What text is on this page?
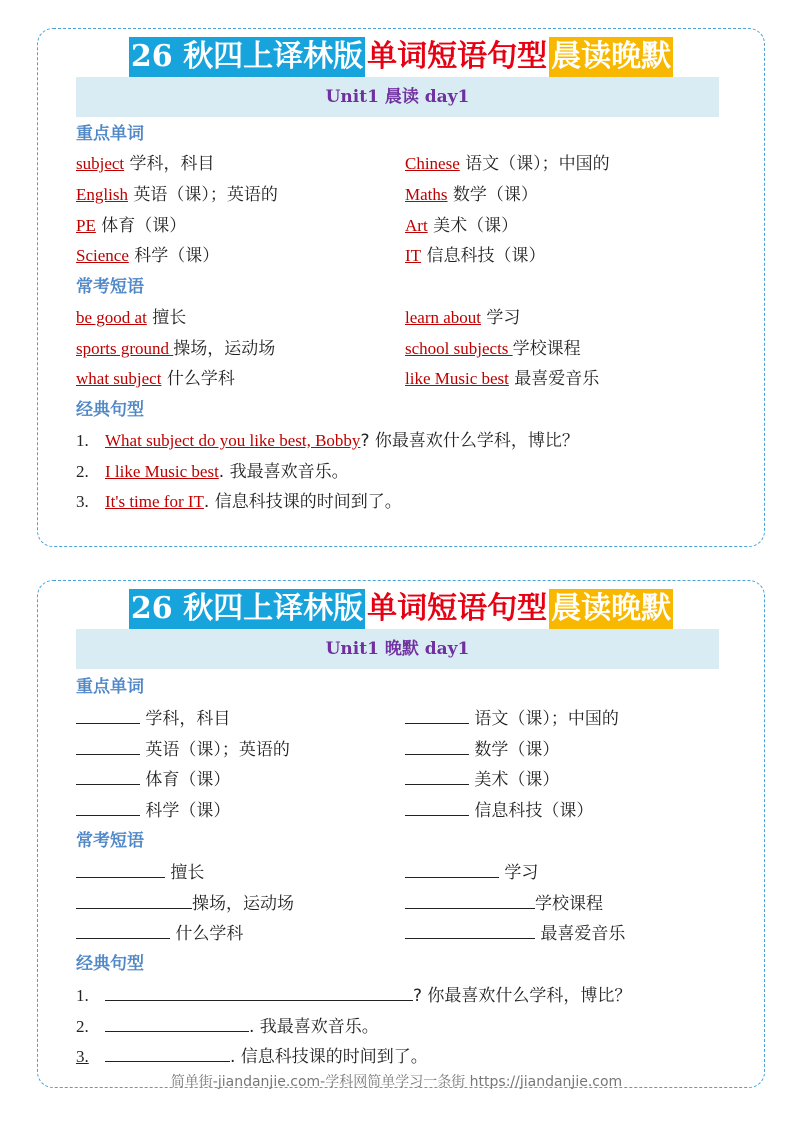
26 秋四上译林版 单词短语句型 晨读晚默
Unit1 晨读 day1
重点单词
subject 学科，科目	Chinese 语文（课）；中国的
English 英语（课）；英语的	Maths 数学（课）
PE 体育（课）	Art 美术（课）
Science 科学（课）	IT 信息科技（课）
常考短语
be good at 擅长	learn about 学习
sports ground 操场，运动场	school subjects 学校课程
what subject 什么学科	like Music best 最喜爱音乐
经典句型
1. What subject do you like best, Bobby? 你最喜欢什么学科，博比？
2. I like Music best. 我最喜欢音乐。
3. It's time for IT. 信息科技课的时间到了。
26 秋四上译林版 单词短语句型 晨读晚默
Unit1 晚默 day1
重点单词
学科，科目	语文（课）；中国的
英语（课）；英语的	数学（课）
体育（课）	美术（课）
科学（课）	信息科技（课）
常考短语
擅长	学习
操场，运动场	学校课程
什么学科	最喜爱音乐
经典句型
1.	? 你最喜欢什么学科，博比？
2.	. 我最喜欢音乐。
3.	. 信息科技课的时间到了。
简单街-jiandanjie.com-学科网简单学习一条街 https://jiandanjie.com
